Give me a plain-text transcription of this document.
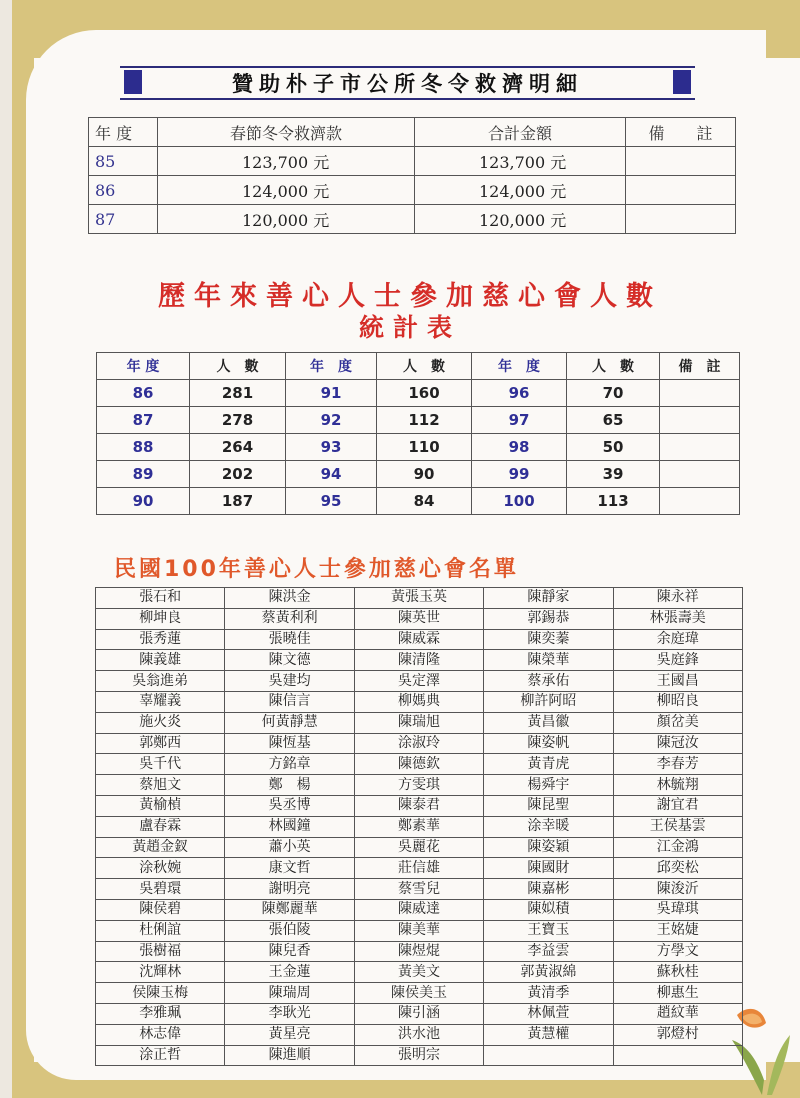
贊助朴子市公所冬令救濟明細
年 度	春節冬令救濟款	合計金額	備　　註
85	123,700 元	123,700 元	
86	124,000 元	124,000 元	
87	120,000 元	120,000 元	
歷年來善心人士參加慈心會人數
統計表
年 度	人　數	年　度	人　數	年　度	人　數	備　註
86	281	91	160	96	70	
87	278	92	112	97	65	
88	264	93	110	98	50	
89	202	94	90	99	39	
90	187	95	84	100	113	
民國100年善心人士參加慈心會名單
張石和	陳洪金	黃張玉英	陳靜家	陳永祥
柳坤良	蔡黃利利	陳英世	郭錫恭	林張壽美
張秀蓮	張曉佳	陳威霖	陳奕蓁	余庭瑋
陳義雄	陳文德	陳清隆	陳榮華	吳庭鋒
吳翁進弟	吳建均	吳定澤	蔡承佑	王國昌
辜耀義	陳信言	柳媽典	柳許阿昭	柳昭良
施火炎	何黃靜慧	陳瑞旭	黃昌徽	顏岔美
郭鄭西	陳恆基	涂淑玲	陳姿帆	陳冠汝
吳千代	方銘章	陳德欽	黃青虎	李春芳
蔡旭文	鄭　楊	方雯琪	楊舜宇	林毓翔
黃榆楨	吳丞博	陳泰君	陳昆聖	謝宜君
盧春霖	林國鐘	鄭素華	涂幸暖	王侯基雲
黃趙金釵	蕭小英	吳麗花	陳姿穎	江金鴻
涂秋婉	康文哲	莊信雄	陳國財	邱奕松
吳碧環	謝明亮	蔡雪兒	陳嘉彬	陳浚沂
陳侯碧	陳鄭麗華	陳威達	陳姒積	吳瑋琪
杜俐誼	張伯陵	陳美華	王寶玉	王姳婕
張樹福	陳兒香	陳煜焜	李益雲	方學文
沈輝林	王金蓮	黃美文	郭黃淑綿	蘇秋桂
侯陳玉梅	陳瑞周	陳侯美玉	黃清季	柳惠生
李雅珮	李耿光	陳引涵	林佩萱	趙紋華
林志偉	黃星亮	洪水池	黃慧權	郭燈村
涂正哲	陳進順	張明宗		
